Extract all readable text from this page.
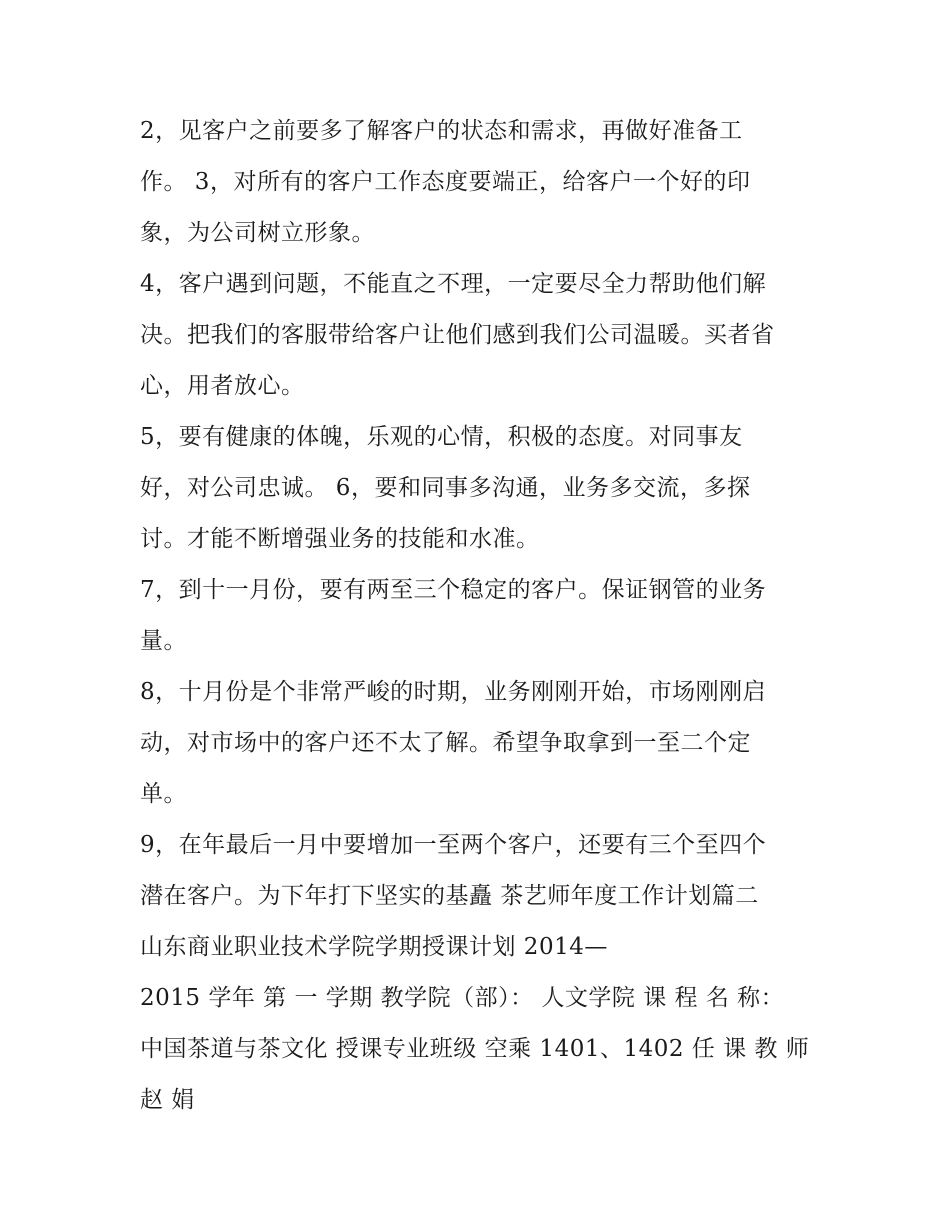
2，见客户之前要多了解客户的状态和需求，再做好准备工
作。 3，对所有的客户工作态度要端正，给客户一个好的印
象，为公司树立形象。
4，客户遇到问题，不能直之不理，一定要尽全力帮助他们解
决。把我们的客服带给客户让他们感到我们公司温暖。买者省
心，用者放心。
5，要有健康的体魄，乐观的心情，积极的态度。对同事友
好，对公司忠诚。 6，要和同事多沟通，业务多交流，多探
讨。才能不断增强业务的技能和水准。
7，到十一月份，要有两至三个稳定的客户。保证钢管的业务
量。
8，十月份是个非常严峻的时期，业务刚刚开始，市场刚刚启
动，对市场中的客户还不太了解。希望争取拿到一至二个定
单。
9，在年最后一月中要增加一至两个客户，还要有三个至四个
潜在客户。为下年打下坚实的基矗 茶艺师年度工作计划篇二
山东商业职业技术学院学期授课计划 2014—
2015 学年 第 一 学期 教学院（部）： 人文学院 课 程 名 称：
中国茶道与茶文化 授课专业班级 空乘 1401、1402 任 课 教 师
赵 娟
